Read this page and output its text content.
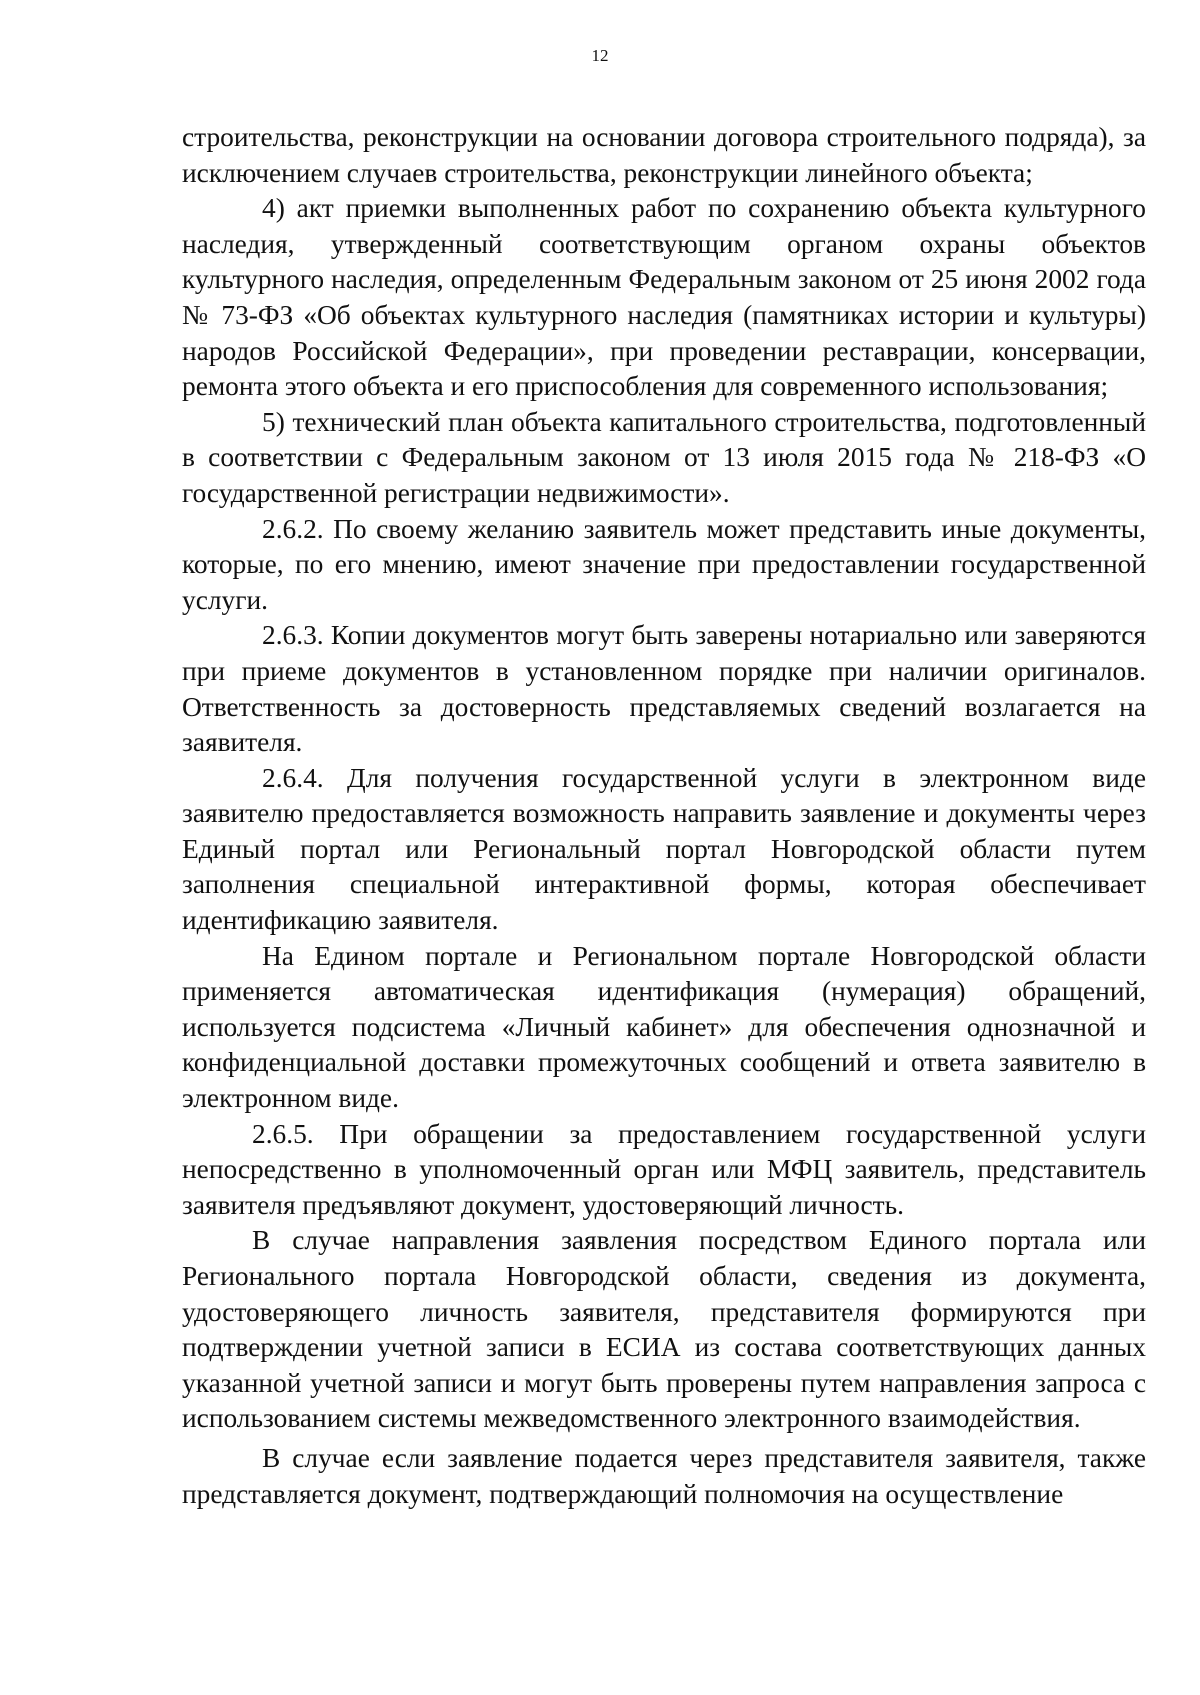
12

строительства, реконструкции на основании договора строительного подряда), за исключением случаев строительства, реконструкции линейного объекта;

4) акт приемки выполненных работ по сохранению объекта культурного наследия, утвержденный соответствующим органом охраны объектов культурного наследия, определенным Федеральным законом от 25 июня 2002 года № 73-ФЗ «Об объектах культурного наследия (памятниках истории и культуры) народов Российской Федерации», при проведении реставрации, консервации, ремонта этого объекта и его приспособления для современного использования;

5) технический план объекта капитального строительства, подготовленный в соответствии с Федеральным законом от 13 июля 2015 года № 218-ФЗ «О государственной регистрации недвижимости».

2.6.2. По своему желанию заявитель может представить иные документы, которые, по его мнению, имеют значение при предоставлении государственной услуги.

2.6.3. Копии документов могут быть заверены нотариально или заверяются при приеме документов в установленном порядке при наличии оригиналов. Ответственность за достоверность представляемых сведений возлагается на заявителя.

2.6.4. Для получения государственной услуги в электронном виде заявителю предоставляется возможность направить заявление и документы через Единый портал или Региональный портал Новгородской области путем заполнения специальной интерактивной формы, которая обеспечивает идентификацию заявителя.

На Едином портале и Региональном портале Новгородской области применяется автоматическая идентификация (нумерация) обращений, используется подсистема «Личный кабинет» для обеспечения однозначной и конфиденциальной доставки промежуточных сообщений и ответа заявителю в электронном виде.

2.6.5. При обращении за предоставлением государственной услуги непосредственно в уполномоченный орган или МФЦ заявитель, представитель заявителя предъявляют документ, удостоверяющий личность.

В случае направления заявления посредством Единого портала или Регионального портала Новгородской области, сведения из документа, удостоверяющего личность заявителя, представителя формируются при подтверждении учетной записи в ЕСИА из состава соответствующих данных указанной учетной записи и могут быть проверены путем направления запроса с использованием системы межведомственного электронного взаимодействия.

В случае если заявление подается через представителя заявителя, также представляется документ, подтверждающий полномочия на осуществление
